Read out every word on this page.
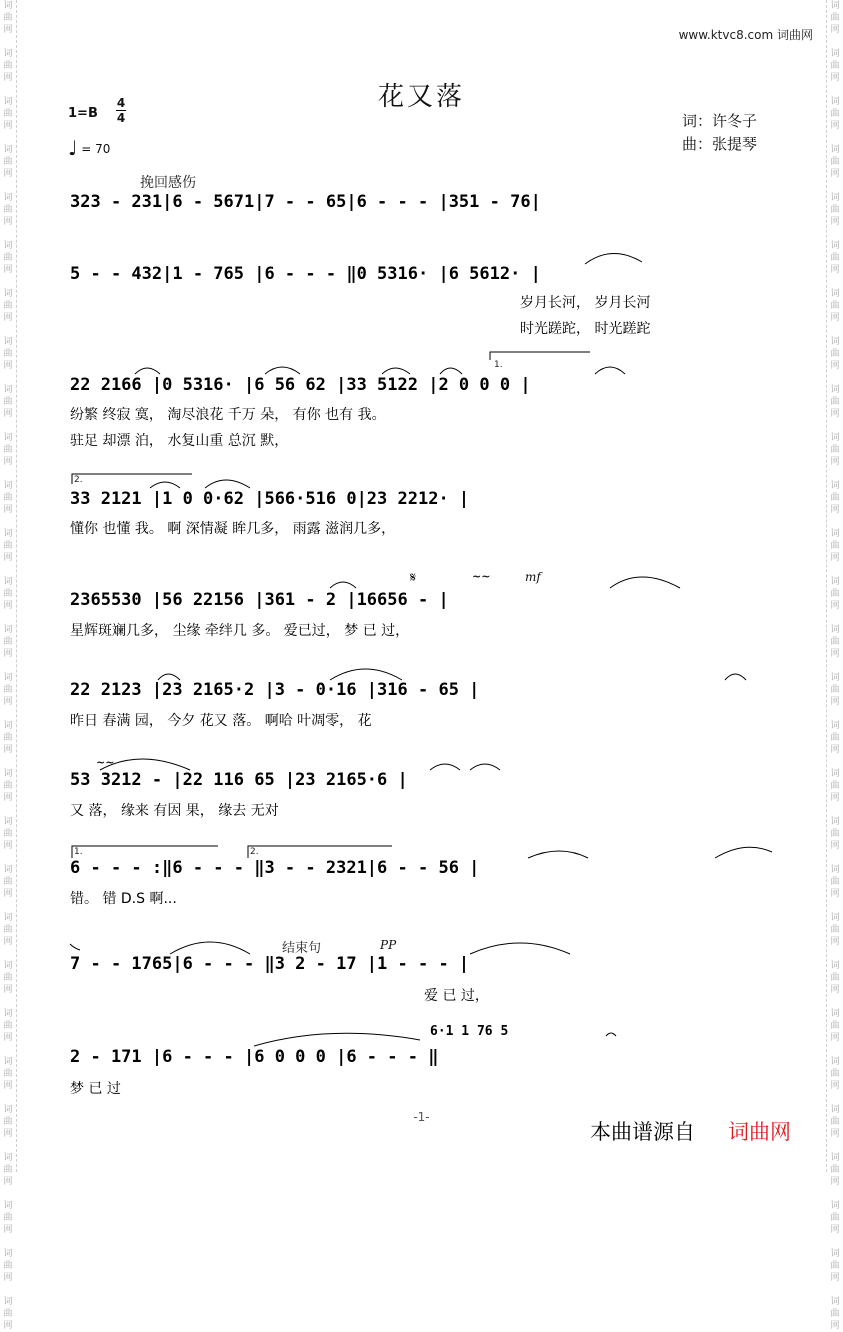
词
曲
网
词
曲
网
词
曲
网
词
曲
网
词
曲
网
词
曲
网
词
曲
网
词
曲
网
词
曲
网
词
曲
网
词
曲
网
词
曲
网
词
曲
网
词
曲
网
词
曲
网
词
曲
网
词
曲
网
词
曲
网
词
曲
网
词
曲
网
词
曲
网
词
曲
网
词
曲
网
词
曲
网
词
曲
网
词
曲
网
词
曲
网
词
曲
网
词
曲
网
词
曲
网
词
曲
网
词
曲
网
词
曲
网
词
曲
网
词
曲
网
词
曲
网
词
曲
网
词
曲
网
词
曲
网
词
曲
网
词
曲
网
词
曲
网
词
曲
网
词
曲
网
词
曲
网
词
曲
网
词
曲
网
词
曲
网
词
曲
网
词
曲
网
词
曲
网
词
曲
网
词
曲
网
词
曲
网
词
曲
网
词
曲
网
www.ktvc8.com 词曲网
花又落
1=B
4
4
♩ = 70
词：许冬子
曲：张提琴
挽回感伤
结束句
mf
PP
𝄋	~~
~~
1.
2.
1.	2.
323 - 231|6 - 5671|7 - - 65|6 - - - |351 - 76|
5 - - 432|1 - 765 |6 - - - ‖0 5316· |6 5612· |
岁月长河， 岁月长河
时光蹉跎， 时光蹉跎
22 2166 |0 5316· |6 56 62 |33 5122 |2 0 0 0 |
纷繁 终寂 寞， 淘尽浪花 千万 朵， 有你 也有 我。
驻足 却漂 泊， 水复山重 总沉 默，
33 2121 |1 0 0·62 |566·516 0|23 2212· |
懂你 也懂 我。 啊 深情凝 眸几多， 雨露 滋润几多，
2365530 |56 22156 |361 - 2 |16656 - |
星辉斑斓几多， 尘缘 牵绊几 多。 爱已过， 梦 已 过，
22 2123 |23 2165·2 |3 - 0·16 |316 - 65 |
昨日 春满 园， 今夕 花又 落。 啊哈 叶凋零， 花
53 3212 - |22 116 65 |23 2165·6 |
又 落， 缘来 有因 果， 缘去 无对
6 - - - :‖6 - - - ‖3 - - 2321|6 - - 56 |
错。 错 D.S 啊...
7 - - 1765|6 - - - ‖3 2 - 17 |1 - - - |
爱 已 过，
6·1 1 76 5
2 - 171 |6 - - - |6 0 0 0 |6 - - - ‖
梦 已 过
-1-
本曲谱源自 词曲网
